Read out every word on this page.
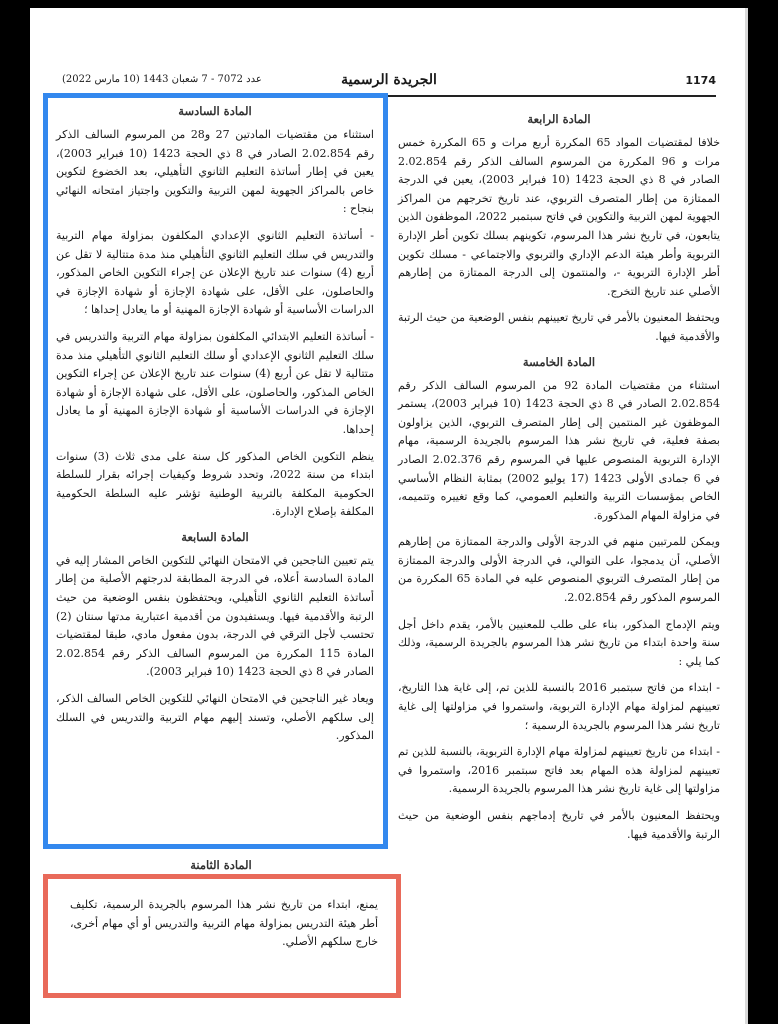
1174
الجريدة الرسمية
عدد 7072 - 7 شعبان 1443 (10 مارس 2022)
المادة الرابعة

خلافا لمقتضيات المواد 65 المكررة أربع مرات و 65 المكررة خمس مرات و 96 المكررة من المرسوم السالف الذكر رقم 2.02.854 الصادر في 8 ذي الحجة 1423 (10 فبراير 2003)، يعين في الدرجة الممتازة من إطار المتصرف التربوي، عند تاريخ تخرجهم من المراكز الجهوية لمهن التربية والتكوين في فاتح سبتمبر 2022، الموظفون الذين يتابعون، في تاريخ نشر هذا المرسوم، تكوينهم بسلك تكوين أطر الإدارة التربوية وأطر هيئة الدعم الإداري والتربوي والاجتماعي - مسلك تكوين أطر الإدارة التربوية -، والمنتمون إلى الدرجة الممتازة من إطارهم الأصلي عند تاريخ التخرج.

ويحتفظ المعنيون بالأمر في تاريخ تعيينهم بنفس الوضعية من حيث الرتبة والأقدمية فيها.

المادة الخامسة

استثناء من مقتضيات المادة 92 من المرسوم السالف الذكر رقم 2.02.854 الصادر في 8 ذي الحجة 1423 (10 فبراير 2003)، يستمر الموظفون غير المنتمين إلى إطار المتصرف التربوي، الذين يزاولون بصفة فعلية، في تاريخ نشر هذا المرسوم بالجريدة الرسمية، مهام الإدارة التربوية المنصوص عليها في المرسوم رقم 2.02.376 الصادر في 6 جمادى الأولى 1423 (17 يوليو 2002) بمثابة النظام الأساسي الخاص بمؤسسات التربية والتعليم العمومي، كما وقع تغييره وتتميمه، في مزاولة المهام المذكورة.

ويمكن للمرتبين منهم في الدرجة الأولى والدرجة الممتازة من إطارهم الأصلي، أن يدمجوا، على التوالي، في الدرجة الأولى والدرجة الممتازة من إطار المتصرف التربوي المنصوص عليه في المادة 65 المكررة من المرسوم المذكور رقم 2.02.854.

ويتم الإدماج المذكور، بناء على طلب للمعنيين بالأمر، يقدم داخل أجل سنة واحدة ابتداء من تاريخ نشر هذا المرسوم بالجريدة الرسمية، وذلك كما يلي :

- ابتداء من فاتح سبتمبر 2016 بالنسبة للذين تم، إلى غاية هذا التاريخ، تعيينهم لمزاولة مهام الإدارة التربوية، واستمروا في مزاولتها إلى غاية تاريخ نشر هذا المرسوم بالجريدة الرسمية ؛

- ابتداء من تاريخ تعيينهم لمزاولة مهام الإدارة التربوية، بالنسبة للذين تم تعيينهم لمزاولة هذه المهام بعد فاتح سبتمبر 2016، واستمروا في مزاولتها إلى غاية تاريخ نشر هذا المرسوم بالجريدة الرسمية.

ويحتفظ المعنيون بالأمر في تاريخ إدماجهم بنفس الوضعية من حيث الرتبة والأقدمية فيها.

المادة السادسة

استثناء من مقتضيات المادتين 27 و28 من المرسوم السالف الذكر رقم 2.02.854 الصادر في 8 ذي الحجة 1423 (10 فبراير 2003)، يعين في إطار أساتذة التعليم الثانوي التأهيلي، بعد الخضوع لتكوين خاص بالمراكز الجهوية لمهن التربية والتكوين واجتياز امتحانه النهائي بنجاح :

- أساتذة التعليم الثانوي الإعدادي المكلفون بمزاولة مهام التربية والتدريس في سلك التعليم الثانوي التأهيلي منذ مدة متتالية لا تقل عن أربع (4) سنوات عند تاريخ الإعلان عن إجراء التكوين الخاص المذكور، والحاصلون، على الأقل، على شهادة الإجازة أو شهادة الإجازة في الدراسات الأساسية أو شهادة الإجازة المهنية أو ما يعادل إحداها ؛

- أساتذة التعليم الابتدائي المكلفون بمزاولة مهام التربية والتدريس في سلك التعليم الثانوي الإعدادي أو سلك التعليم الثانوي التأهيلي منذ مدة متتالية لا تقل عن أربع (4) سنوات عند تاريخ الإعلان عن إجراء التكوين الخاص المذكور، والحاصلون، على الأقل، على شهادة الإجازة أو شهادة الإجازة في الدراسات الأساسية أو شهادة الإجازة المهنية أو ما يعادل إحداها.

ينظم التكوين الخاص المذكور كل سنة على مدى ثلاث (3) سنوات ابتداء من سنة 2022، وتحدد شروط وكيفيات إجرائه بقرار للسلطة الحكومية المكلفة بالتربية الوطنية تؤشر عليه السلطة الحكومية المكلفة بإصلاح الإدارة.

المادة السابعة

يتم تعيين الناجحين في الامتحان النهائي للتكوين الخاص المشار إليه في المادة السادسة أعلاه، في الدرجة المطابقة لدرجتهم الأصلية من إطار أساتذة التعليم الثانوي التأهيلي، ويحتفظون بنفس الوضعية من حيث الرتبة والأقدمية فيها. ويستفيدون من أقدمية اعتبارية مدتها سنتان (2) تحتسب لأجل الترقي في الدرجة، بدون مفعول مادي، طبقا لمقتضيات المادة 115 المكررة من المرسوم السالف الذكر رقم 2.02.854 الصادر في 8 ذي الحجة 1423 (10 فبراير 2003).

ويعاد غير الناجحين في الامتحان النهائي للتكوين الخاص السالف الذكر، إلى سلكهم الأصلي، وتسند إليهم مهام التربية والتدريس في السلك المذكور.

المادة الثامنة

يمنع، ابتداء من تاريخ نشر هذا المرسوم بالجريدة الرسمية، تكليف أطر هيئة التدريس بمزاولة مهام التربية والتدريس أو أي مهام أخرى، خارج سلكهم الأصلي.
